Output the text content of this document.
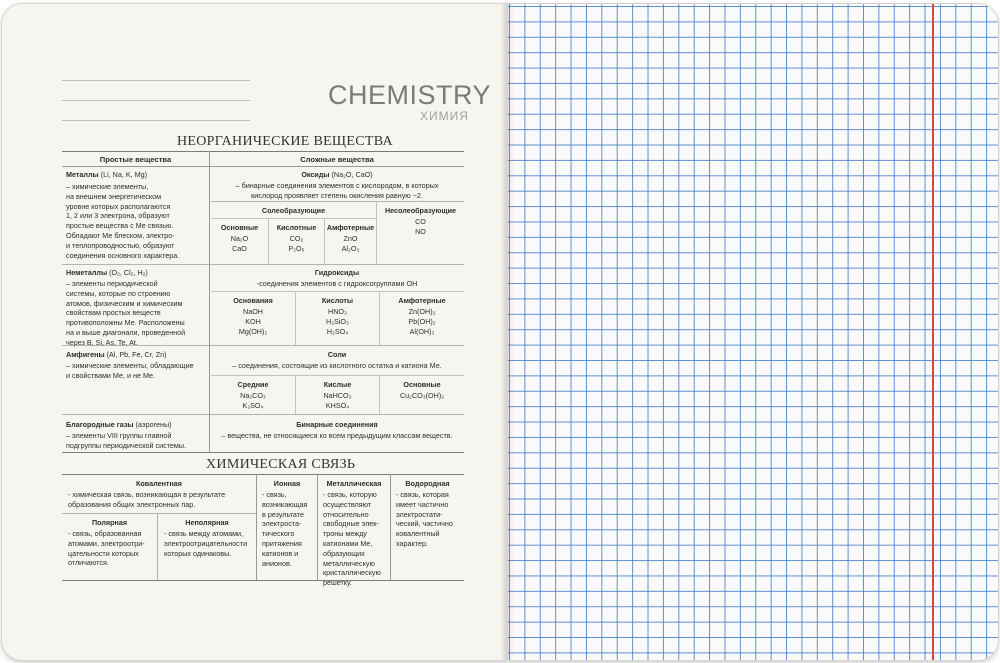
CHEMISTRY
ХИМИЯ
НЕОРГАНИЧЕСКИЕ ВЕЩЕСТВА
Простые вещества	Сложные вещества
Металлы (Li, Na, K, Mg)
– химические элементы,
на внешнем энергетическом
уровне которых располагаются
1, 2 или 3 электрона, образуют
простые вещества с Ме связью.
Обладают Ме блеском, электро-
и теплопроводностью, образуют
соединения основного характера.
Оксиды (Na₂O, CaO)
– бинарные соединения элементов с кислородом, в которых
кислород проявляет степень окисления равную −2.
Солеобразующие	Несолеобразующие
CO
NO
Основные
Na₂O
CaO
Кислотные
CO₂
P₂O₅
Амфотерные
ZnO
Al₂O₃
Неметаллы (O₂, Cl₂, H₂)
– элементы периодической
системы, которые по строению
атомов, физическим и химическим
свойствам простых веществ
противоположны Ме. Расположены
на и выше диагонали, проведенной
через B, Si, As, Te, At.
Гидроксиды
-соединения элементов с гидроксогруппами OH
Основания
NaOH
KOH
Mg(OH)₂
Кислоты
HNO₃
H₂SiO₃
H₂SO₄
Амфотерные
Zn(OH)₂
Pb(OH)₂
Al(OH)₃
Амфигены (Al, Pb, Fe, Cr, Zn)
– химические элементы, обладающие
и свойствами Ме, и не Ме.
Соли
– соединения, состоящие из кислотного остатка и катиона Ме.
Средние
Na₂CO₃
K₂SO₄
Кислые
NaHCO₃
KHSO₄
Основные
Cu₂CO₃(OH)₂
Благородные газы (аэрогены)
– элементы VIII группы главной
подгруппы периодической системы.
Бинарные соединения
– вещества, не относящиеся ко всем предыдущим классам веществ.
ХИМИЧЕСКАЯ СВЯЗЬ
Ковалентная
- химическая связь, возникающая в результате
образования общих электронных пар.
Полярная
- связь, образованная
атомами, электроотри-
цательности которых
отличаются.
Неполярная
- связь между атомами,
электроотрицательности
которых одинаковы.
Ионная
- связь,
возникающая
в результате
электроста-
тического
притяжения
катионов и
анионов.
Металлическая
- связь, которую
осуществляют
относительно
свободные элек-
троны между
катионами Ме,
образующих
металлическую
кристаллическую
решетку.
Водородная
- связь, которая
имеет частично
электростати-
ческий, частично
ковалентный
характер.
